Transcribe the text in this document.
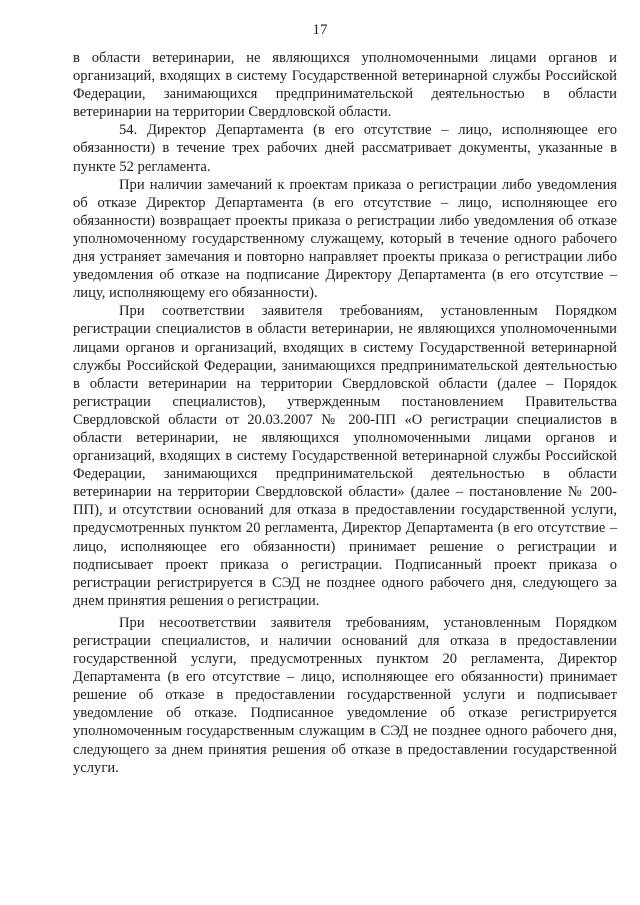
17

в области ветеринарии, не являющихся уполномоченными лицами органов и организаций, входящих в систему Государственной ветеринарной службы Российской Федерации, занимающихся предпринимательской деятельностью в области ветеринарии на территории Свердловской области.

54. Директор Департамента (в его отсутствие – лицо, исполняющее его обязанности) в течение трех рабочих дней рассматривает документы, указанные в пункте 52 регламента.

При наличии замечаний к проектам приказа о регистрации либо уведомления об отказе Директор Департамента (в его отсутствие – лицо, исполняющее его обязанности) возвращает проекты приказа о регистрации либо уведомления об отказе уполномоченному государственному служащему, который в течение одного рабочего дня устраняет замечания и повторно направляет проекты приказа о регистрации либо уведомления об отказе на подписание Директору Департамента (в его отсутствие – лицу, исполняющему его обязанности).

При соответствии заявителя требованиям, установленным Порядком регистрации специалистов в области ветеринарии, не являющихся уполномоченными лицами органов и организаций, входящих в систему Государственной ветеринарной службы Российской Федерации, занимающихся предпринимательской деятельностью в области ветеринарии на территории Свердловской области (далее – Порядок регистрации специалистов), утвержденным постановлением Правительства Свердловской области от 20.03.2007 № 200-ПП «О регистрации специалистов в области ветеринарии, не являющихся уполномоченными лицами органов и организаций, входящих в систему Государственной ветеринарной службы Российской Федерации, занимающихся предпринимательской деятельностью в области ветеринарии на территории Свердловской области» (далее – постановление № 200-ПП), и отсутствии оснований для отказа в предоставлении государственной услуги, предусмотренных пунктом 20 регламента, Директор Департамента (в его отсутствие – лицо, исполняющее его обязанности) принимает решение о регистрации и подписывает проект приказа о регистрации. Подписанный проект приказа о регистрации регистрируется в СЭД не позднее одного рабочего дня, следующего за днем принятия решения о регистрации.

При несоответствии заявителя требованиям, установленным Порядком регистрации специалистов, и наличии оснований для отказа в предоставлении государственной услуги, предусмотренных пунктом 20 регламента, Директор Департамента (в его отсутствие – лицо, исполняющее его обязанности) принимает решение об отказе в предоставлении государственной услуги и подписывает уведомление об отказе. Подписанное уведомление об отказе регистрируется уполномоченным государственным служащим в СЭД не позднее одного рабочего дня, следующего за днем принятия решения об отказе в предоставлении государственной услуги.
